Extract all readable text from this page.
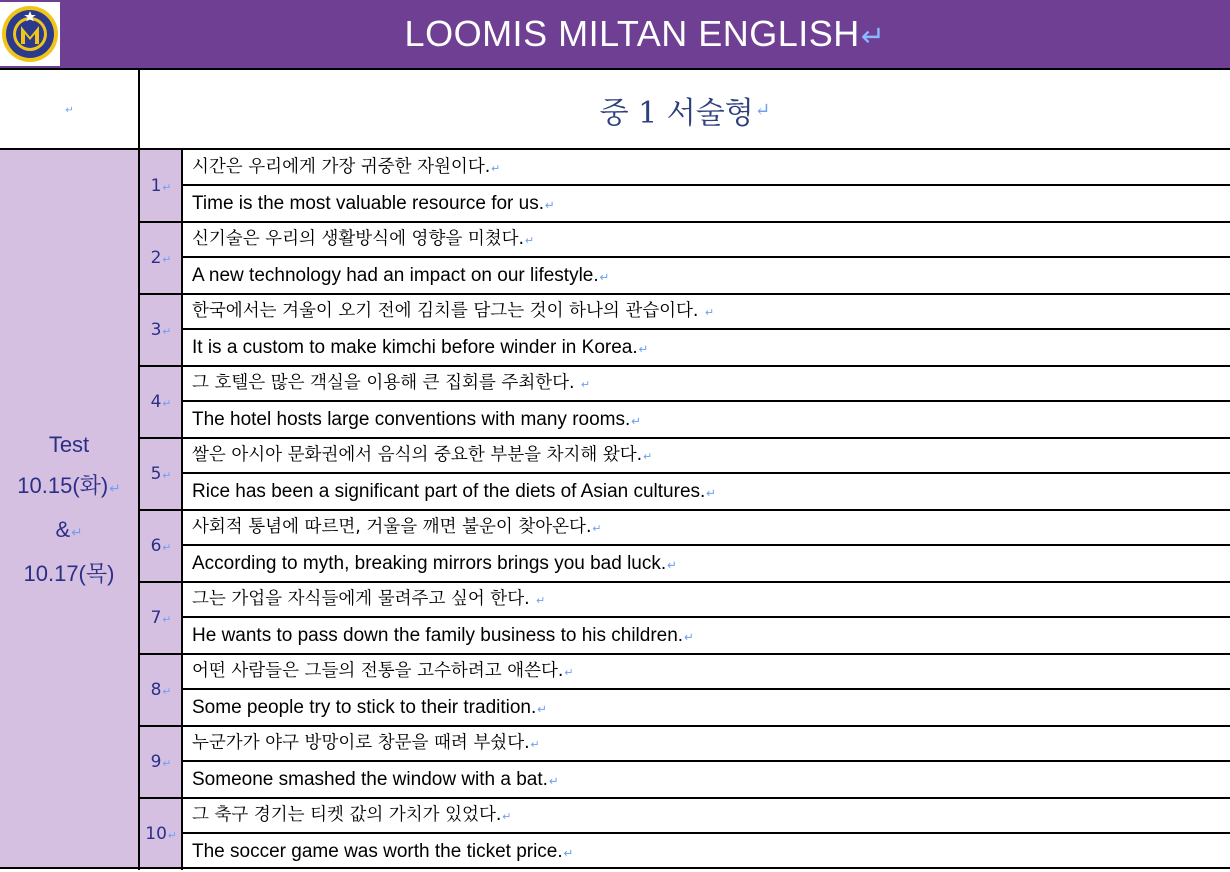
LOOMIS MILTAN ENGLISH↵
↵	중 1 서술형 ↵
Test
10.15(화)↵
&↵
10.17(목)
1↵
시간은 우리에게 가장 귀중한 자원이다.↵
Time is the most valuable resource for us.↵
2↵
신기술은 우리의 생활방식에 영향을 미쳤다.↵
A new technology had an impact on our lifestyle.↵
3↵
한국에서는 겨울이 오기 전에 김치를 담그는 것이 하나의 관습이다. ↵
It is a custom to make kimchi before winder in Korea.↵
4↵
그 호텔은 많은 객실을 이용해 큰 집회를 주최한다. ↵
The hotel hosts large conventions with many rooms.↵
5↵
쌀은 아시아 문화권에서 음식의 중요한 부분을 차지해 왔다.↵
Rice has been a significant part of the diets of Asian cultures.↵
6↵
사회적 통념에 따르면, 거울을 깨면 불운이 찾아온다.↵
According to myth, breaking mirrors brings you bad luck.↵
7↵
그는 가업을 자식들에게 물려주고 싶어 한다. ↵
He wants to pass down the family business to his children.↵
8↵
어떤 사람들은 그들의 전통을 고수하려고 애쓴다.↵
Some people try to stick to their tradition.↵
9↵
누군가가 야구 방망이로 창문을 때려 부쉈다.↵
Someone smashed the window with a bat.↵
10↵
그 축구 경기는 티켓 값의 가치가 있었다.↵
The soccer game was worth the ticket price.↵
